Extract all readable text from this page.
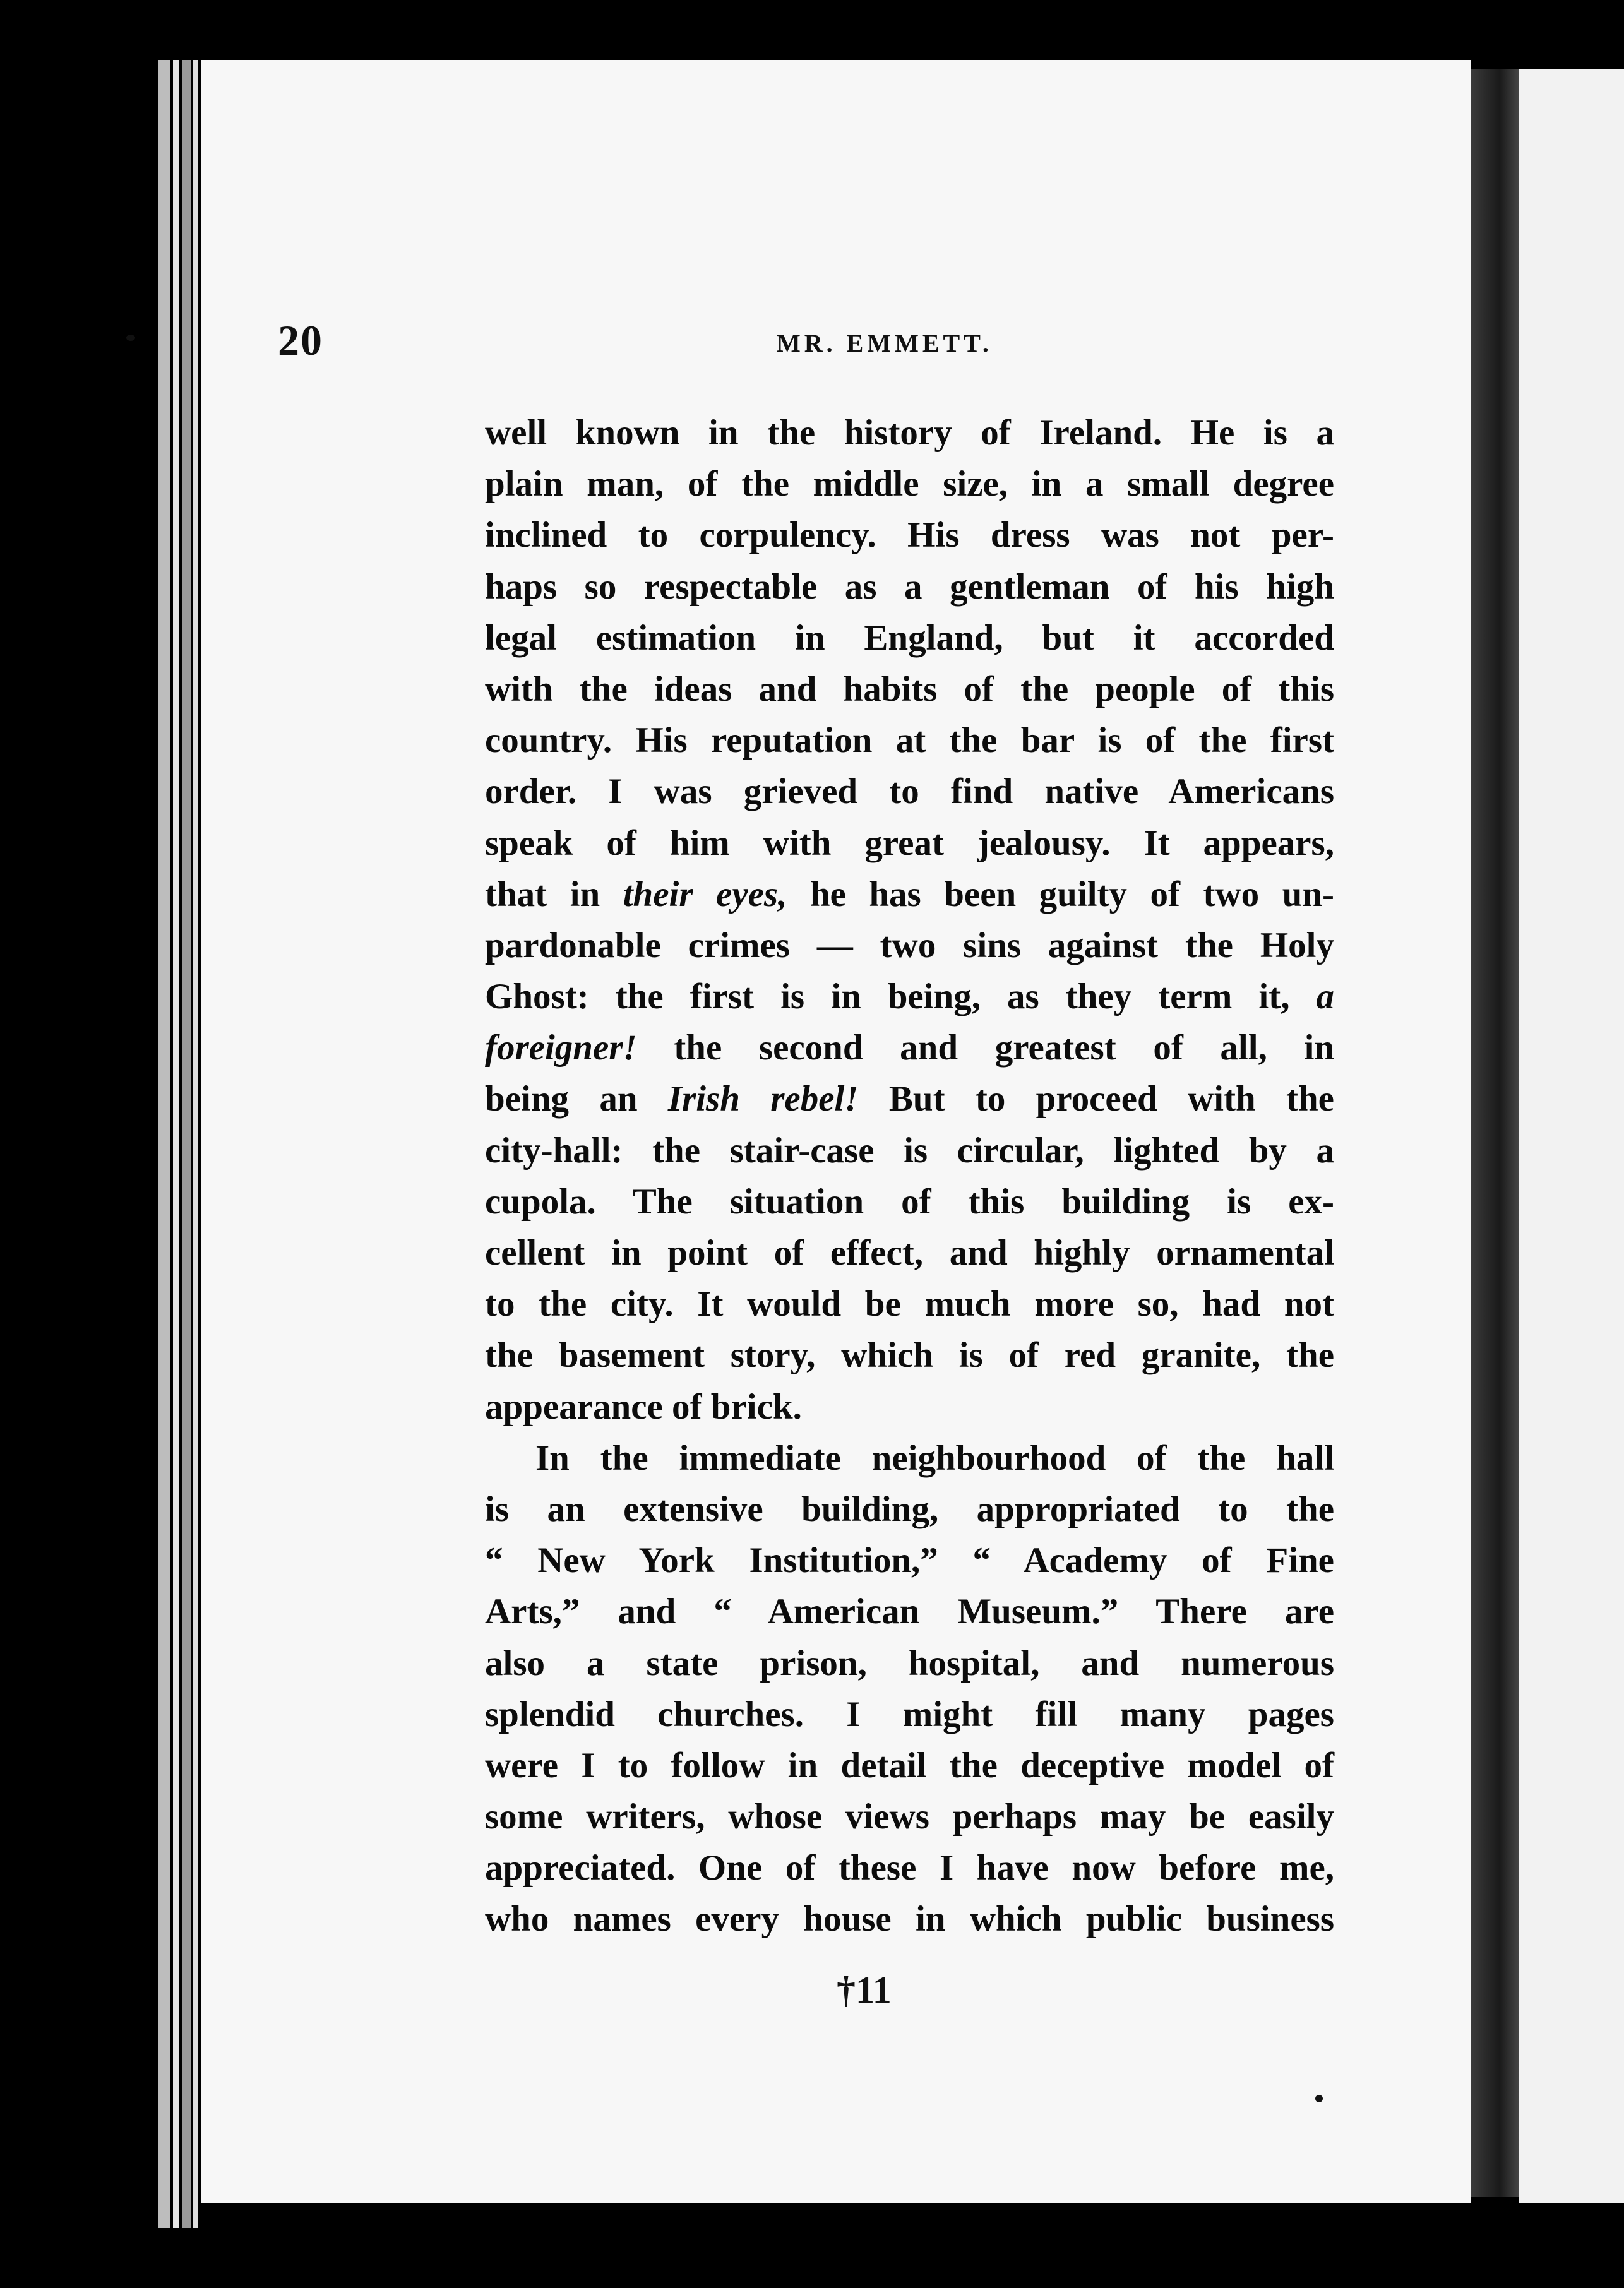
20	MR. EMMETT.
well known in the history of Ireland. He is a
plain man, of the middle size, in a small degree
inclined to corpulency. His dress was not per-
haps so respectable as a gentleman of his high
legal estimation in England, but it accorded
with the ideas and habits of the people of this
country. His reputation at the bar is of the first
order. I was grieved to find native Americans
speak of him with great jealousy. It appears,
that in their eyes, he has been guilty of two un-
pardonable crimes — two sins against the Holy
Ghost: the first is in being, as they term it, a
foreigner! the second and greatest of all, in
being an Irish rebel! But to proceed with the
city-hall: the stair-case is circular, lighted by a
cupola. The situation of this building is ex-
cellent in point of effect, and highly ornamental
to the city. It would be much more so, had not
the basement story, which is of red granite, the
appearance of brick.
In the immediate neighbourhood of the hall
is an extensive building, appropriated to the
“ New York Institution,” “ Academy of Fine
Arts,” and “ American Museum.” There are
also a state prison, hospital, and numerous
splendid churches. I might fill many pages
were I to follow in detail the deceptive model of
some writers, whose views perhaps may be easily
appreciated. One of these I have now before me,
who names every house in which public business
†11
